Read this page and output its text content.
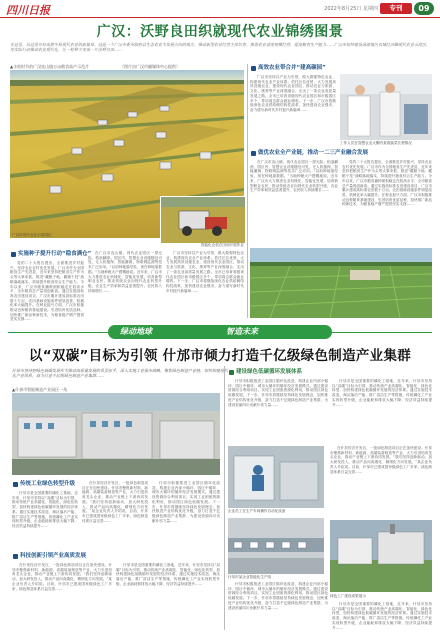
四川日报	2022年8月25日 星期四	专刊	09
广汉：沃野良田织就现代农业锦绣图景
在这里，从这里开启成都平原现代农业的新篇章。这是一个广汉市委市政府以生态农业为发展方向的地方，推动新型农业经营主体培育，推进农业适度规模经营，提高粮食生产能力……广汉市加快建设成渝地区双城经济圈现代农业示范区，用实际行动推动农业现代化，让一粒种子变成一片沃野良田……
▲丰收时节的广汉连山镇万亩粮食高产示范片	（图片由广汉市融媒体中心提供）
广汉市现代农业示范园区
智能化农机在田间开展作业
实施种子提升行动“稳食满仓”

党的二十大报告提出，全面推进乡村振兴，坚持农业农村优先发展。广汉市作为全国粮食生产先进县，近年来坚持把粮食生产作为头等大事来抓，推进“藏粮于地、藏粮于技”战略落地落实，持续提升粮食综合生产能力。今年以来，广汉市粮食播种面积稳定在较高水平，全市粮食总产量再创新高。通过实施高标准农田建设项目，广汉市累计建成高标准农田数十万亩，农田基础设施条件明显改善，机械化率大幅提升。在种业振兴方面，广汉市积极推动良种繁育基地建设，引进培育优质品种，加快推广新品种新技术，为粮食稳产增产提供坚实支撑……

在广汉市连山镇，现代农业园区一望无际，稻浪翻滚。园区内，智慧农业设施随处可见，无人机植保、智能灌溉、物联网监测等技术广泛应用。“以前种地靠经验，现在种地靠数据。”当地种粮大户感慨地说。近年来，广汉市大力推进农业机械化、智能化发展，培育新型职业农民，推动传统农业向现代农业转型升级，农业生产效率和效益显著提升，农民收入持续增长……

广汉市坚持以产业为引领，做大做强特色农业，构建现代农业产业体系。依托区位优势，大力发展高效设施农业，建设现代农业园区，推动农业与旅游、文化、康养等产业深度融合，走出了一条农业高质量发展之路。全市已培育省级现代农业园区和市级园区多个，带动周边群众就业增收。下一步，广汉市将继续深化农业供给侧结构性改革，加快建设农业强市，奋力谱写新时代乡村振兴新篇章……

高效农业带合并“建高碳园”

广汉市坚持以产业为引领，做大做强特色农业，构建现代农业产业体系。依托区位优势，大力发展高效设施农业，建设现代农业园区，推动农业与旅游、文化、康养等产业深度融合，走出了一条农业高质量发展之路。全市已培育省级现代农业园区和市级园区多个，带动周边群众就业增收。下一步，广汉市将继续深化农业供给侧结构性改革，加快建设农业强市，奋力谱写新时代乡村振兴新篇章……

工作人员在智慧农业大棚内查看蔬菜长势情况
做优农业全产业链，推动一二三产业融合发展

在广汉市连山镇，现代农业园区一望无际，稻浪翻滚。园区内，智慧农业设施随处可见，无人机植保、智能灌溉、物联网监测等技术广泛应用。“以前种地靠经验，现在种地靠数据。”当地种粮大户感慨地说。近年来，广汉市大力推进农业机械化、智能化发展，培育新型职业农民，推动传统农业向现代农业转型升级，农业生产效率和效益显著提升，农民收入持续增长……

党的二十大报告提出，全面推进乡村振兴，坚持农业农村优先发展。广汉市作为全国粮食生产先进县，近年来坚持把粮食生产作为头等大事来抓，推进“藏粮于地、藏粮于技”战略落地落实，持续提升粮食综合生产能力。今年以来，广汉市粮食播种面积稳定在较高水平，全市粮食总产量再创新高。通过实施高标准农田建设项目，广汉市累计建成高标准农田数十万亩，农田基础设施条件明显改善，机械化率大幅提升。在种业振兴方面，广汉市积极推动良种繁育基地建设，引进培育优质品种，加快推广新品种新技术，为粮食稳产增产提供坚实支撑……

绿动地球	智造未来
以“双碳”目标为引领 什邡市倾力打造千亿级绿色制造产业集群
什邡市坚持把绿色低碳发展作为推动高质量发展的重要抓手，深入实施工业强市战略，聚焦绿色制造产业链，加快构建现代化产业体系，奋力打造千亿级绿色制造产业集群……
▲什邡市智能制造产业园区一角
传统工业绿色转型升级

什邡市是全国重要的磷化工基地，近年来，什邡市坚持以“双碳”目标为引领，推动传统产业高端化、智能化、绿色化转型，加快构建绿色低碳循环发展的经济体系。通过实施技术改造、淘汰落后产能、推广清洁生产等措施，传统磷化工产业实现转型升级，企业能耗和排放大幅下降，经济效益持续提升……

在什邡经济开发区，一批绿色制造项目正在加快建设。什邡市聚焦新材料、新能源、高端装备制造等产业，大力引进培育龙头企业，推动产业链上下游协同发展。“我们坚持创新驱动，加大研发投入，推动产品向高端化、精细化方向发展。”某企业负责人介绍说。目前，什邡市已建成国家级绿色工厂多家，绿色制造体系日益完善……

什邡市积极推进工业园区循环化改造，构建企业内部小循环、园区中循环、城市大循环的循环经济发展模式。通过建设资源综合利用项目，实现工业固废资源化利用，推动园区绿色低碳发展。下一步，什邡市将继续坚持绿色发展理念，加快推进产业结构优化升级，奋力打造千亿级绿色制造产业集群，为建设美丽四川贡献什邡力量……

科技创新引领产业高质发展

在什邡经济开发区，一批绿色制造项目正在加快建设。什邡市聚焦新材料、新能源、高端装备制造等产业，大力引进培育龙头企业，推动产业链上下游协同发展。“我们坚持创新驱动，加大研发投入，推动产品向高端化、精细化方向发展。”某企业负责人介绍说。目前，什邡市已建成国家级绿色工厂多家，绿色制造体系日益完善……

什邡市是全国重要的磷化工基地，近年来，什邡市坚持以“双碳”目标为引领，推动传统产业高端化、智能化、绿色化转型，加快构建绿色低碳循环发展的经济体系。通过实施技术改造、淘汰落后产能、推广清洁生产等措施，传统磷化工产业实现转型升级，企业能耗和排放大幅下降，经济效益持续提升……

建设绿色低碳循环发展体系

什邡市积极推进工业园区循环化改造，构建企业内部小循环、园区中循环、城市大循环的循环经济发展模式。通过建设资源综合利用项目，实现工业固废资源化利用，推动园区绿色低碳发展。下一步，什邡市将继续坚持绿色发展理念，加快推进产业结构优化升级，奋力打造千亿级绿色制造产业集群，为建设美丽四川贡献什邡力量……

什邡市是全国重要的磷化工基地，近年来，什邡市坚持以“双碳”目标为引领，推动传统产业高端化、智能化、绿色化转型，加快构建绿色低碳循环发展的经济体系。通过实施技术改造、淘汰落后产能、推广清洁生产等措施，传统磷化工产业实现转型升级，企业能耗和排放大幅下降，经济效益持续提升……

企业员工在生产车间操作自动化设备

在什邡经济开发区，一批绿色制造项目正在加快建设。什邡市聚焦新材料、新能源、高端装备制造等产业，大力引进培育龙头企业，推动产业链上下游协同发展。“我们坚持创新驱动，加大研发投入，推动产品向高端化、精细化方向发展。”某企业负责人介绍说。目前，什邡市已建成国家级绿色工厂多家，绿色制造体系日益完善……

什邡市某企业智能化生产线
绿色工厂建设成果展示

什邡市积极推进工业园区循环化改造，构建企业内部小循环、园区中循环、城市大循环的循环经济发展模式。通过建设资源综合利用项目，实现工业固废资源化利用，推动园区绿色低碳发展。下一步，什邡市将继续坚持绿色发展理念，加快推进产业结构优化升级，奋力打造千亿级绿色制造产业集群，为建设美丽四川贡献什邡力量……

什邡市是全国重要的磷化工基地，近年来，什邡市坚持以“双碳”目标为引领，推动传统产业高端化、智能化、绿色化转型，加快构建绿色低碳循环发展的经济体系。通过实施技术改造、淘汰落后产能、推广清洁生产等措施，传统磷化工产业实现转型升级，企业能耗和排放大幅下降，经济效益持续提升……
